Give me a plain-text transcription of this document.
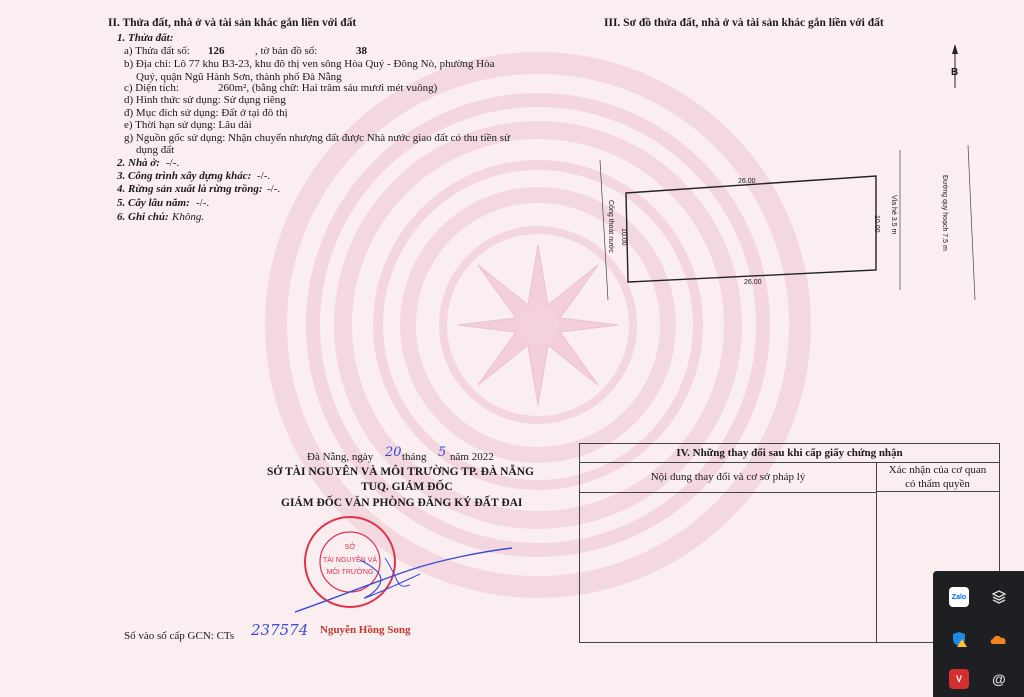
II. Thửa đất, nhà ở và tài sản khác gắn liền với đất
1. Thửa đất:
a) Thửa đất số: 126	, tờ bản đồ số:	38
b) Địa chỉ: Lô 77 khu B3-23, khu đô thị ven sông Hòa Quý - Đông Nò, phường Hòa
Quý, quận Ngũ Hành Sơn, thành phố Đà Nẵng
c) Diện tích:	260m², (bằng chữ: Hai trăm sáu mươi mét vuông)
d) Hình thức sử dụng: Sử dụng riêng
đ) Mục đích sử dụng: Đất ở tại đô thị
e) Thời hạn sử dụng: Lâu dài
g) Nguồn gốc sử dụng: Nhận chuyển nhượng đất được Nhà nước giao đất có thu tiền sử
dụng đất
2. Nhà ở: -/-.
3. Công trình xây dựng khác: -/-.
4. Rừng sản xuất là rừng trồng: -/-.
5. Cây lâu năm: -/-.
6. Ghi chú: Không.
III. Sơ đồ thửa đất, nhà ở và tài sản khác gắn liền với đất
B
26.00
26.00
10.00
10.00
Cống thoát nước	Vỉa hè 3.5 m	Đường quy hoạch 7.5 m
Đà Nẵng, ngày 20 tháng 5 năm 2022
SỞ TÀI NGUYÊN VÀ MÔI TRƯỜNG TP. ĐÀ NẴNG
TUQ. GIÁM ĐỐC
GIÁM ĐỐC VĂN PHÒNG ĐĂNG KÝ ĐẤT ĐAI
SỞ
TÀI NGUYÊN VÀ
MÔI TRƯỜNG
Số vào sổ cấp GCN: CTs 237574 Nguyễn Hồng Song
IV. Những thay đổi sau khi cấp giấy chứng nhận
Nội dung thay đổi và cơ sở pháp lý
Xác nhận của cơ quan
có thẩm quyền
Zalo
V @
